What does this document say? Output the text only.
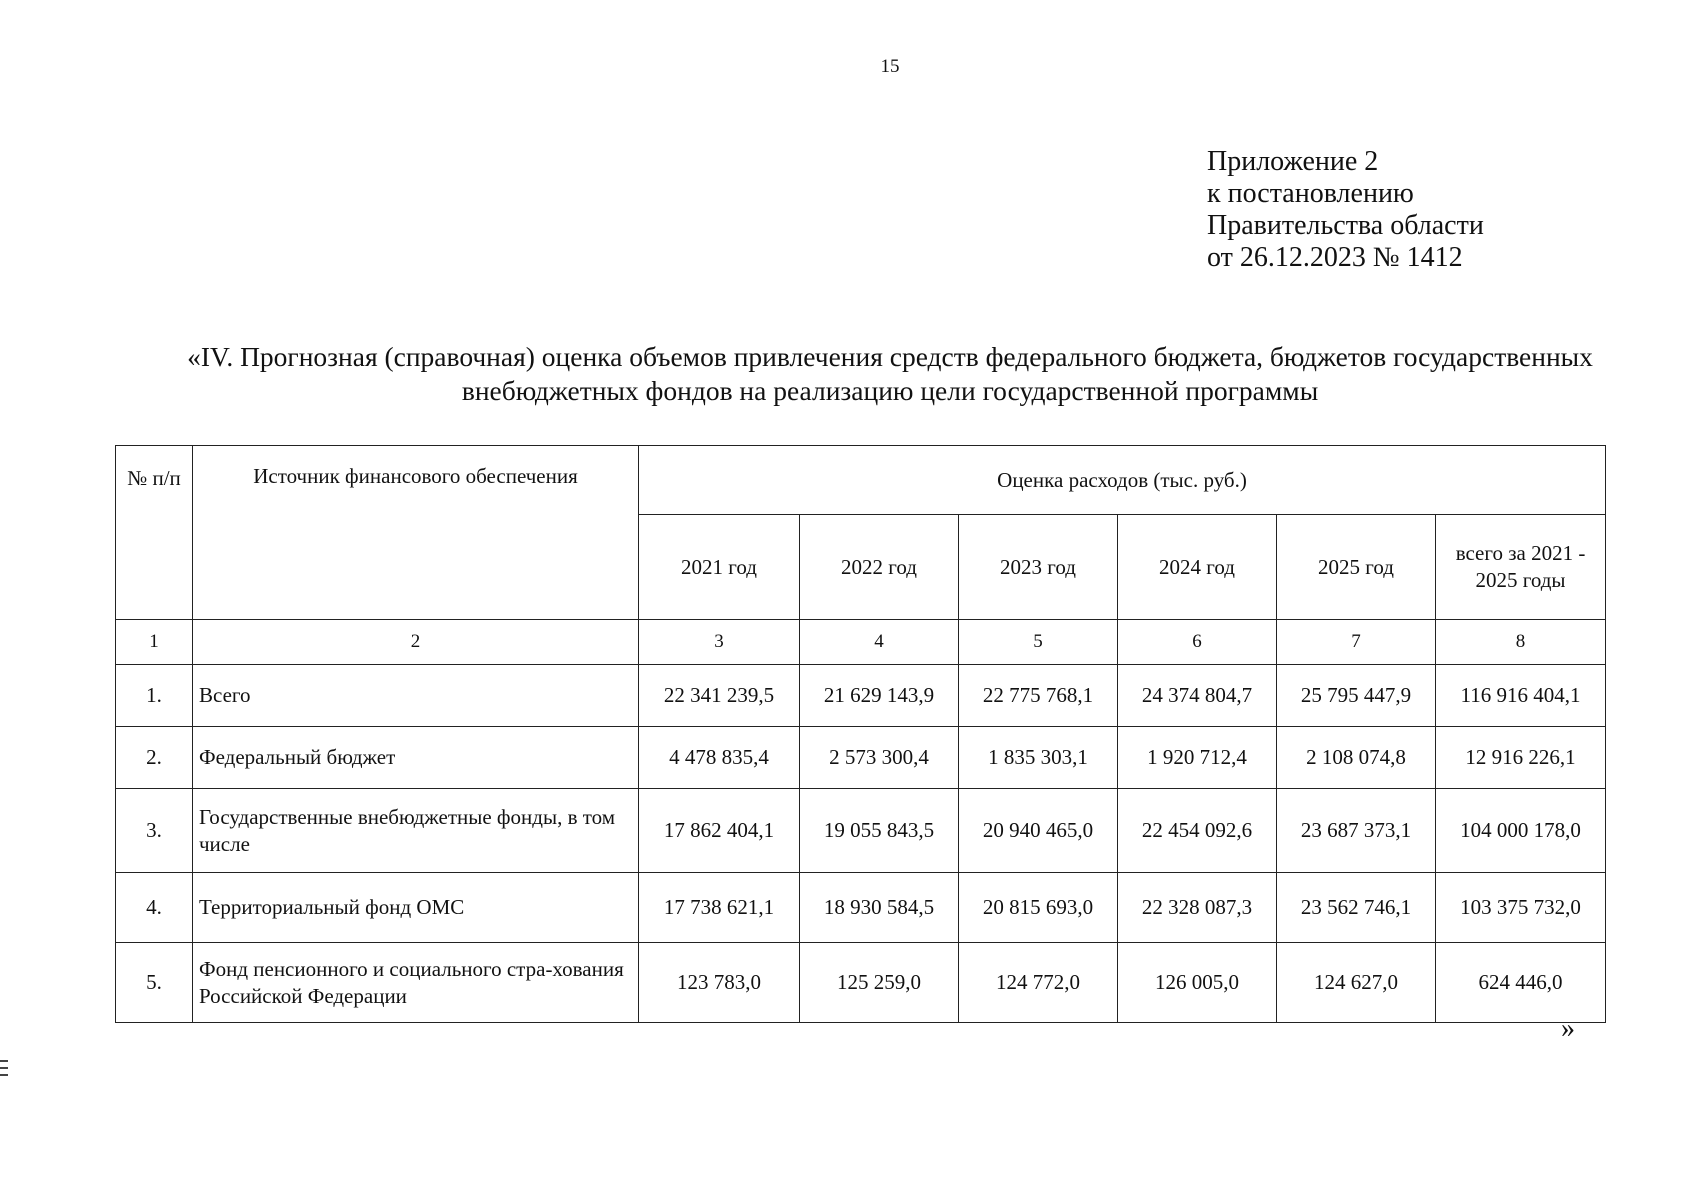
15
Приложение 2
к постановлению
Правительства области
от 26.12.2023 № 1412
«IV. Прогнозная (справочная) оценка объемов привлечения средств федерального бюджета, бюджетов государственных
внебюджетных фондов на реализацию цели государственной программы
№ п/п	Источник финансового обеспечения	Оценка расходов (тыс. руб.)					
		2021 год	2022 год	2023 год	2024 год	2025 год	всего за 2021 - 2025 годы
1	2	3	4	5	6	7	8
1.	Всего	22 341 239,5	21 629 143,9	22 775 768,1	24 374 804,7	25 795 447,9	116 916 404,1
2.	Федеральный бюджет	4 478 835,4	2 573 300,4	1 835 303,1	1 920 712,4	2 108 074,8	12 916 226,1
3.	Государственные внебюджетные фонды, в том числе	17 862 404,1	19 055 843,5	20 940 465,0	22 454 092,6	23 687 373,1	104 000 178,0
4.	Территориальный фонд ОМС	17 738 621,1	18 930 584,5	20 815 693,0	22 328 087,3	23 562 746,1	103 375 732,0
5.	Фонд пенсионного и социального стра-хования Российской Федерации	123 783,0	125 259,0	124 772,0	126 005,0	124 627,0	624 446,0
»
